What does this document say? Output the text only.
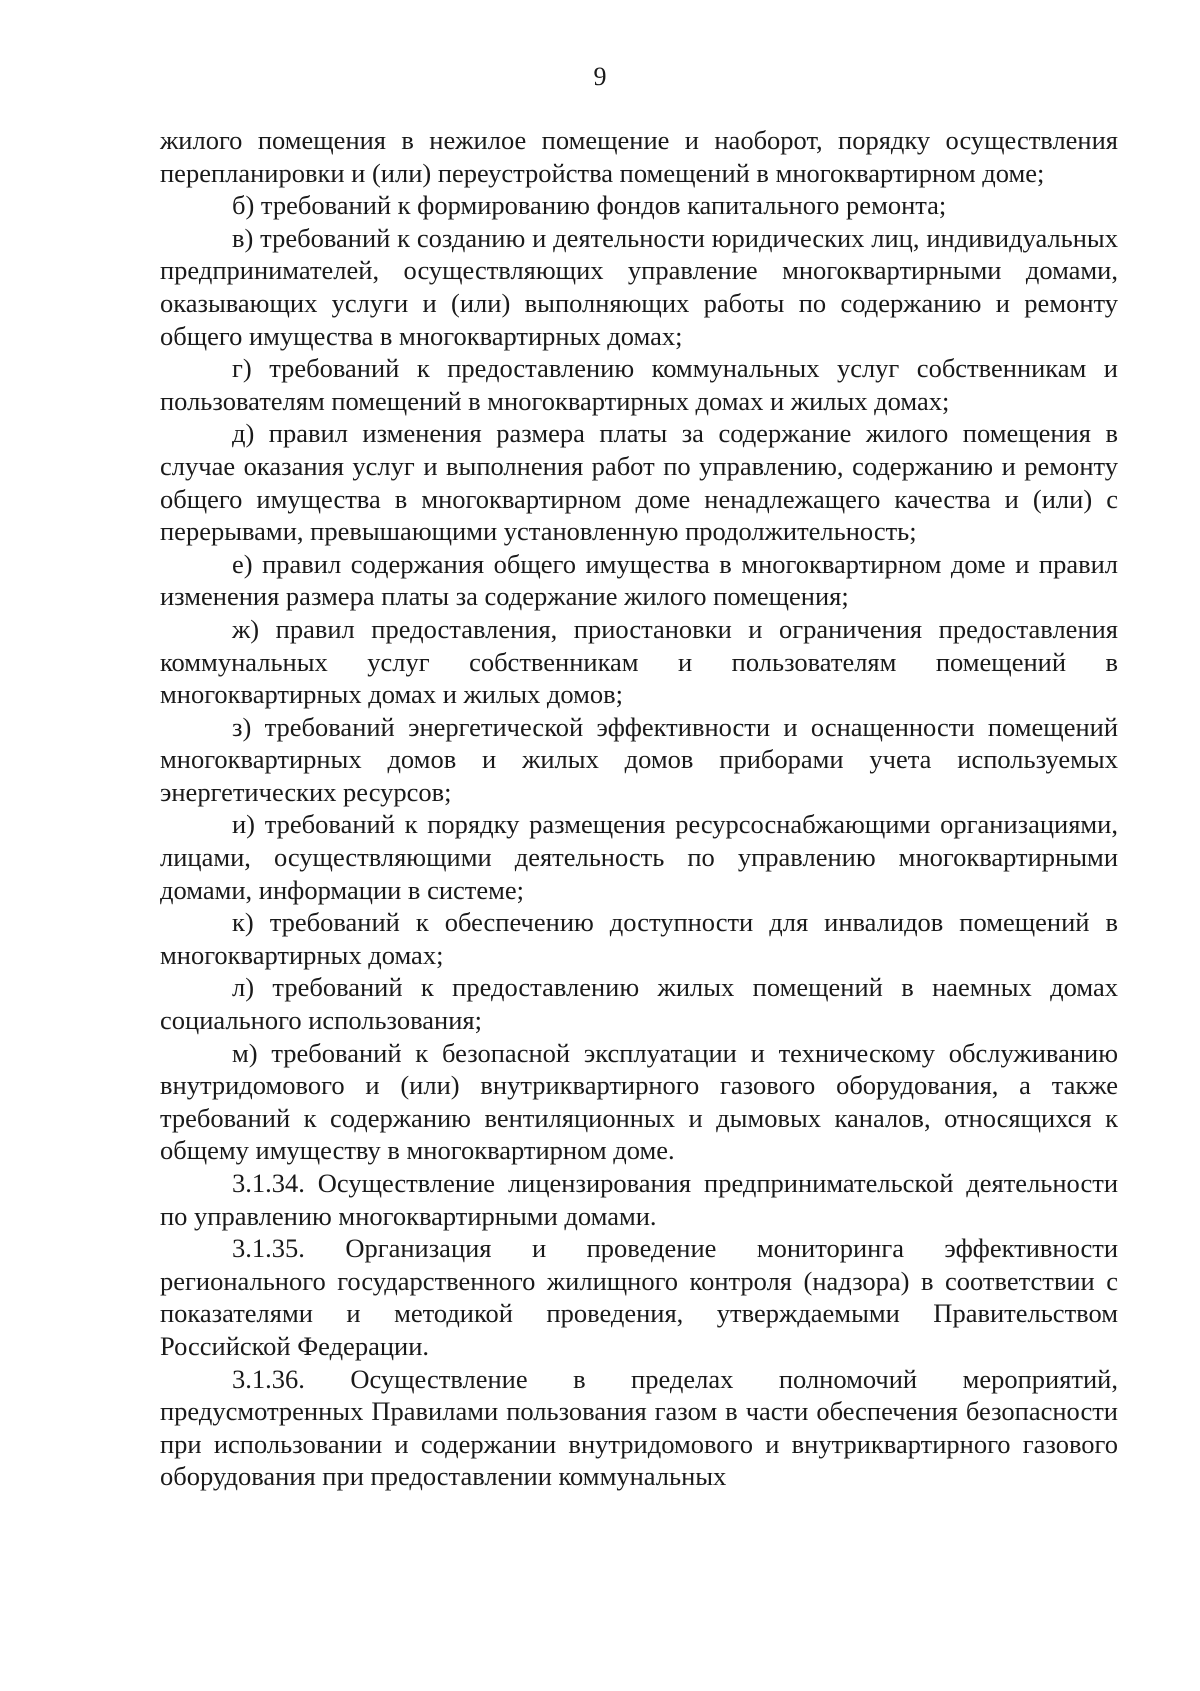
9

жилого помещения в нежилое помещение и наоборот, порядку осуществления перепланировки и (или) переустройства помещений в многоквартирном доме;

б) требований к формированию фондов капитального ремонта;

в) требований к созданию и деятельности юридических лиц, индивидуальных предпринимателей, осуществляющих управление многоквартирными домами, оказывающих услуги и (или) выполняющих работы по содержанию и ремонту общего имущества в многоквартирных домах;

г) требований к предоставлению коммунальных услуг собственникам и пользователям помещений в многоквартирных домах и жилых домах;

д) правил изменения размера платы за содержание жилого помещения в случае оказания услуг и выполнения работ по управлению, содержанию и ремонту общего имущества в многоквартирном доме ненадлежащего качества и (или) с перерывами, превышающими установленную продолжительность;

е) правил содержания общего имущества в многоквартирном доме и правил изменения размера платы за содержание жилого помещения;

ж) правил предоставления, приостановки и ограничения предоставления коммунальных услуг собственникам и пользователям помещений в многоквартирных домах и жилых домов;

з) требований энергетической эффективности и оснащенности помещений многоквартирных домов и жилых домов приборами учета используемых энергетических ресурсов;

и) требований к порядку размещения ресурсоснабжающими организациями, лицами, осуществляющими деятельность по управлению многоквартирными домами, информации в системе;

к) требований к обеспечению доступности для инвалидов помещений в многоквартирных домах;

л) требований к предоставлению жилых помещений в наемных домах социального использования;

м) требований к безопасной эксплуатации и техническому обслуживанию внутридомового и (или) внутриквартирного газового оборудования, а также требований к содержанию вентиляционных и дымовых каналов, относящихся к общему имуществу в многоквартирном доме.

3.1.34. Осуществление лицензирования предпринимательской деятельности по управлению многоквартирными домами.

3.1.35. Организация и проведение мониторинга эффективности регионального государственного жилищного контроля (надзора) в соответствии с показателями и методикой проведения, утверждаемыми Правительством Российской Федерации.

3.1.36. Осуществление в пределах полномочий мероприятий, предусмотренных Правилами пользования газом в части обеспечения безопасности при использовании и содержании внутридомового и внутриквартирного газового оборудования при предоставлении коммунальных
